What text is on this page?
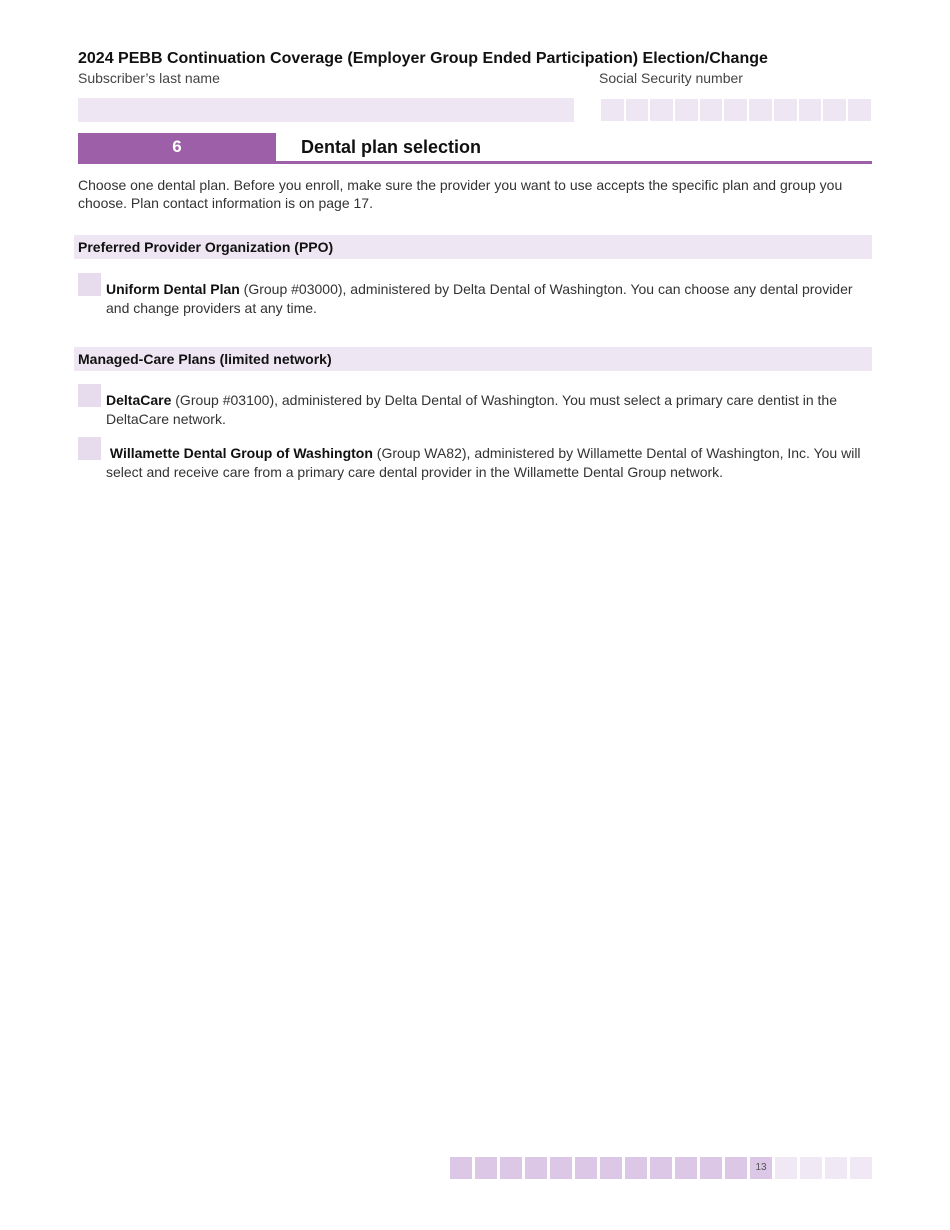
2024 PEBB Continuation Coverage (Employer Group Ended Participation) Election/Change
Subscriber’s last name	Social Security number
6	Dental plan selection
Choose one dental plan. Before you enroll, make sure the provider you want to use accepts the specific plan and group you choose. Plan contact information is on page 17.
Preferred Provider Organization (PPO)
Uniform Dental Plan (Group #03000), administered by Delta Dental of Washington. You can choose any dental provider and change providers at any time.
Managed-Care Plans (limited network)
DeltaCare (Group #03100), administered by Delta Dental of Washington. You must select a primary care dentist in the DeltaCare network.
Willamette Dental Group of Washington (Group WA82), administered by Willamette Dental of Washington, Inc. You will select and receive care from a primary care dental provider in the Willamette Dental Group network.
13
